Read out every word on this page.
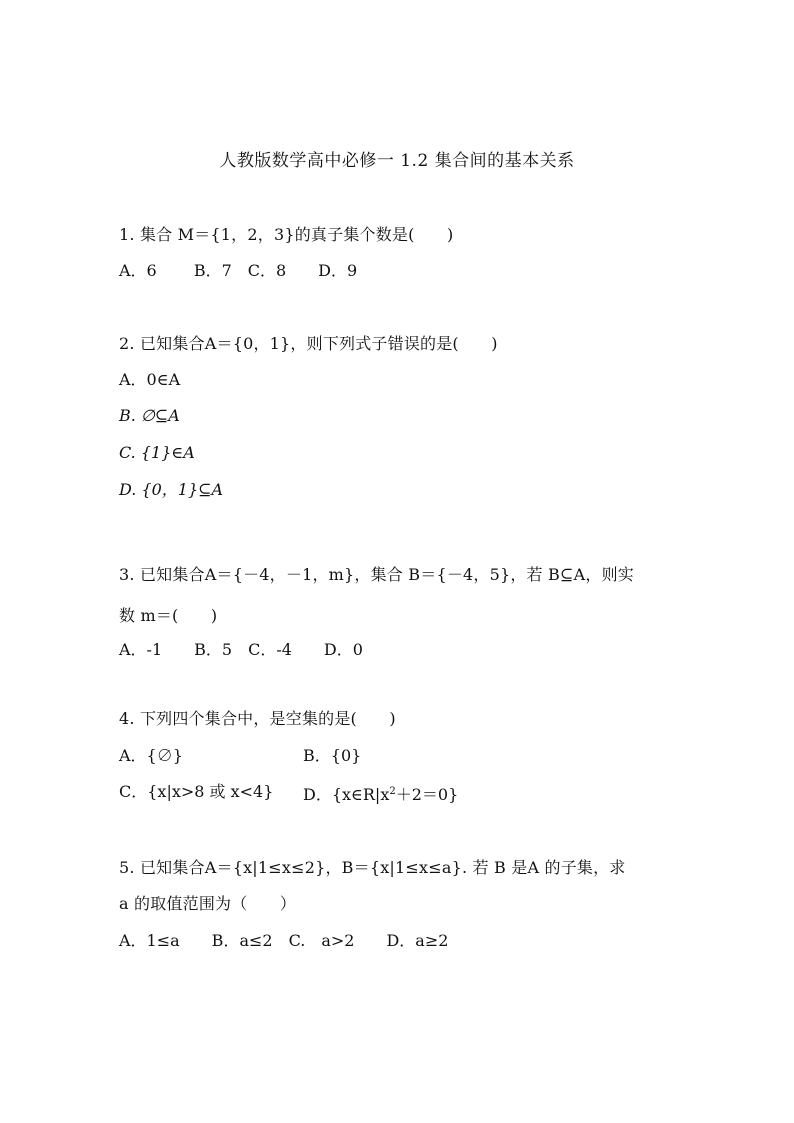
人教版数学高中必修一 1.2 集合间的基本关系
1. 集合 M＝{1，2，3}的真子集个数是(　　)
A．6　　 B．7　C．8　　D．9
2. 已知集合A＝{0，1}，则下列式子错误的是(　　)
A．0∈A
B. ∅⊆A
C. {1}∈A
D. {0，1}⊆A
3. 已知集合A＝{－4，－1，m}，集合 B＝{－4，5}，若 B⊆A，则实
数 m＝(　　)
A．-1　　B．5　C．-4　　D．0
4. 下列四个集合中，是空集的是(　　)
A．{∅}	B．{0}
C．{x|x>8 或 x<4} D．$\{x\in R|x^2+2=0\}$
5. 已知集合A＝{x|1≤x≤2}，B＝{x|1≤x≤a}. 若 B 是A 的子集，求
a 的取值范围为（　　）
A．1≤a　　B．a≤2　C.　a>2　　D．a≥2
